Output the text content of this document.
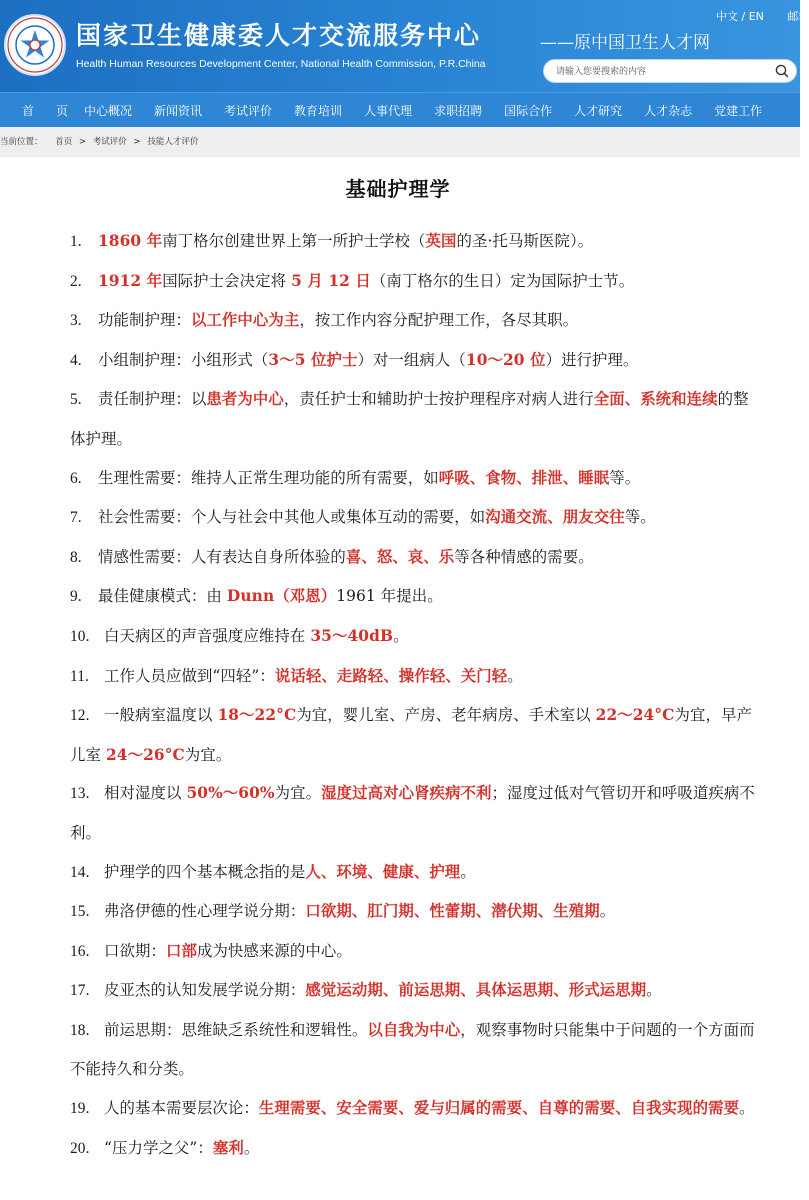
国家卫生健康委人才交流服务中心
Health Human Resources Development Center, National Health Commission, P.R.China
——原中国卫生人才网
中文 / EN 邮箱
请输入您要搜索的内容
首页
中心概况 新闻资讯 考试评价 教育培训 人事代理 求职招聘 国际合作 人才研究 人才杂志 党建工作
当前位置： 首页 > 考试评价 > 技能人才评价
基础护理学
1. 1860 年南丁格尔创建世界上第一所护士学校（英国的圣·托马斯医院）。
2. 1912 年国际护士会决定将 5 月 12 日（南丁格尔的生日）定为国际护士节。
3. 功能制护理：以工作中心为主，按工作内容分配护理工作，各尽其职。
4. 小组制护理：小组形式（3～5 位护士）对一组病人（10～20 位）进行护理。
5. 责任制护理：以患者为中心，责任护士和辅助护士按护理程序对病人进行全面、系统和连续的整体护理。
6. 生理性需要：维持人正常生理功能的所有需要，如呼吸、食物、排泄、睡眠等。
7. 社会性需要：个人与社会中其他人或集体互动的需要，如沟通交流、朋友交往等。
8. 情感性需要：人有表达自身所体验的喜、怒、哀、乐等各种情感的需要。
9. 最佳健康模式：由 Dunn（邓恩）1961 年提出。
10. 白天病区的声音强度应维持在 35～40dB。
11. 工作人员应做到“四轻”：说话轻、走路轻、操作轻、关门轻。
12. 一般病室温度以 18～22°C为宜，婴儿室、产房、老年病房、手术室以 22～24°C为宜，早产儿室 24～26°C为宜。
13. 相对湿度以 50%～60%为宜。湿度过高对心肾疾病不利；湿度过低对气管切开和呼吸道疾病不利。
14. 护理学的四个基本概念指的是人、环境、健康、护理。
15. 弗洛伊德的性心理学说分期：口欲期、肛门期、性蕾期、潜伏期、生殖期。
16. 口欲期：口部成为快感来源的中心。
17. 皮亚杰的认知发展学说分期：感觉运动期、前运思期、具体运思期、形式运思期。
18. 前运思期：思维缺乏系统性和逻辑性。以自我为中心，观察事物时只能集中于问题的一个方面而不能持久和分类。
19. 人的基本需要层次论：生理需要、安全需要、爱与归属的需要、自尊的需要、自我实现的需要。
20. “压力学之父”：塞利。
